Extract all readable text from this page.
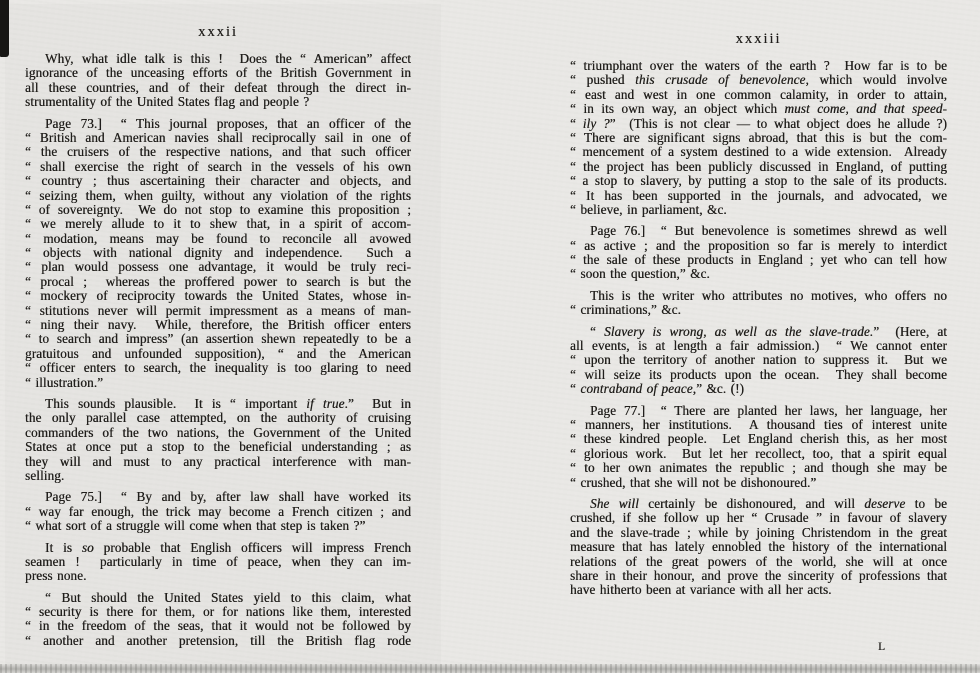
xxxii
Why, what idle talk is this !  Does the “ American” affect
ignorance of the unceasing efforts of the British Government in
all these countries, and of their defeat through the direct in-
strumentality of the United States flag and people ?
Page 73.]  “ This journal proposes, that an officer of the
“ British and American navies shall reciprocally sail in one of
“ the cruisers of the respective nations, and that such officer
“ shall exercise the right of search in the vessels of his own
“ country ; thus ascertaining their character and objects, and
“ seizing them, when guilty, without any violation of the rights
“ of sovereignty.  We do not stop to examine this proposition ;
“ we merely allude to it to shew that, in a spirit of accom-
“ modation, means may be found to reconcile all avowed
“ objects with national dignity and independence.  Such a
“ plan would possess one advantage, it would be truly reci-
“ procal ;  whereas the proffered power to search is but the
“ mockery of reciprocity towards the United States, whose in-
“ stitutions never will permit impressment as a means of man-
“ ning their navy.  While, therefore, the British officer enters
“ to search and impress” (an assertion shewn repeatedly to be a
gratuitous and unfounded supposition), “ and the American
“ officer enters to search, the inequality is too glaring to need
“ illustration.”
This sounds plausible.  It is “ important if true.”  But in
the only parallel case attempted, on the authority of cruising
commanders of the two nations, the Government of the United
States at once put a stop to the beneficial understanding ; as
they will and must to any practical interference with man-
selling.
Page 75.]  “ By and by, after law shall have worked its
“ way far enough, the trick may become a French citizen ; and
“ what sort of a struggle will come when that step is taken ?”
It is so probable that English officers will impress French
seamen !  particularly in time of peace, when they can im-
press none.
“ But should the United States yield to this claim, what
“ security is there for them, or for nations like them, interested
“ in the freedom of the seas, that it would not be followed by
“ another and another pretension, till the British flag rode
xxxiii
“ triumphant over the waters of the earth ?  How far is to be
“ pushed this crusade of benevolence, which would involve
“ east and west in one common calamity, in order to attain,
“ in its own way, an object which must come, and that speed-
“ ily ?”  (This is not clear — to what object does he allude ?)
“ There are significant signs abroad, that this is but the com-
“ mencement of a system destined to a wide extension.  Already
“ the project has been publicly discussed in England, of putting
“ a stop to slavery, by putting a stop to the sale of its products.
“ It has been supported in the journals, and advocated, we
“ believe, in parliament, &c.
Page 76.]  “ But benevolence is sometimes shrewd as well
“ as active ; and the proposition so far is merely to interdict
“ the sale of these products in England ; yet who can tell how
“ soon the question,” &c.
This is the writer who attributes no motives, who offers no
“ criminations,” &c.
“ Slavery is wrong, as well as the slave-trade.”  (Here, at
all events, is at length a fair admission.)  “ We cannot enter
“ upon the territory of another nation to suppress it.  But we
“ will seize its products upon the ocean.  They shall become
“ contraband of peace,” &c. (!)
Page 77.]  “ There are planted her laws, her language, her
“ manners, her institutions.  A thousand ties of interest unite
“ these kindred people.  Let England cherish this, as her most
“ glorious work.  But let her recollect, too, that a spirit equal
“ to her own animates the republic ; and though she may be
“ crushed, that she will not be dishonoured.”
She will certainly be dishonoured, and will deserve to be
crushed, if she follow up her “ Crusade ” in favour of slavery
and the slave-trade ; while by joining Christendom in the great
measure that has lately ennobled the history of the international
relations of the great powers of the world, she will at once
share in their honour, and prove the sincerity of professions that
have hitherto been at variance with all her acts.
L
